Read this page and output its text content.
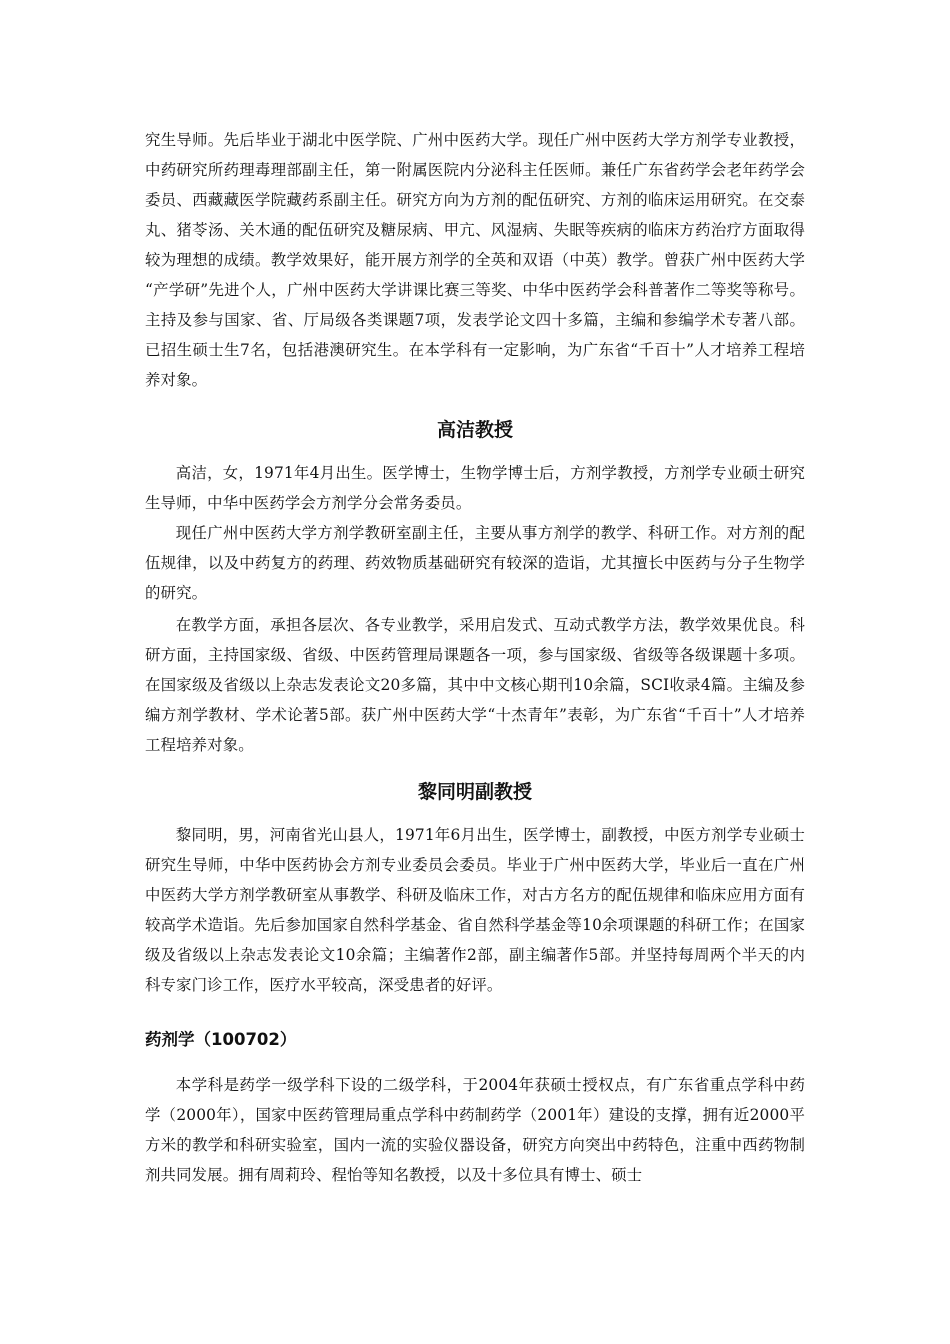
究生导师。先后毕业于湖北中医学院、广州中医药大学。现任广州中医药大学方剂学专业教授，中药研究所药理毒理部副主任，第一附属医院内分泌科主任医师。兼任广东省药学会老年药学会委员、西藏藏医学院藏药系副主任。研究方向为方剂的配伍研究、方剂的临床运用研究。在交泰丸、猪苓汤、关木通的配伍研究及糖尿病、甲亢、风湿病、失眠等疾病的临床方药治疗方面取得较为理想的成绩。教学效果好，能开展方剂学的全英和双语（中英）教学。曾获广州中医药大学“产学研”先进个人，广州中医药大学讲课比赛三等奖、中华中医药学会科普著作二等奖等称号。主持及参与国家、省、厅局级各类课题7项，发表学论文四十多篇，主编和参编学术专著八部。已招生硕士生7名，包括港澳研究生。在本学科有一定影响，为广东省“千百十”人才培养工程培养对象。

高洁教授

高洁，女，1971年4月出生。医学博士，生物学博士后，方剂学教授，方剂学专业硕士研究生导师，中华中医药学会方剂学分会常务委员。

现任广州中医药大学方剂学教研室副主任，主要从事方剂学的教学、科研工作。对方剂的配伍规律，以及中药复方的药理、药效物质基础研究有较深的造诣，尤其擅长中医药与分子生物学的研究。

在教学方面，承担各层次、各专业教学，采用启发式、互动式教学方法，教学效果优良。科研方面，主持国家级、省级、中医药管理局课题各一项，参与国家级、省级等各级课题十多项。在国家级及省级以上杂志发表论文20多篇，其中中文核心期刊10余篇，SCI收录4篇。主编及参编方剂学教材、学术论著5部。获广州中医药大学“十杰青年”表彰，为广东省“千百十”人才培养工程培养对象。

黎同明副教授

黎同明，男，河南省光山县人，1971年6月出生，医学博士，副教授，中医方剂学专业硕士研究生导师，中华中医药协会方剂专业委员会委员。毕业于广州中医药大学，毕业后一直在广州中医药大学方剂学教研室从事教学、科研及临床工作，对古方名方的配伍规律和临床应用方面有较高学术造诣。先后参加国家自然科学基金、省自然科学基金等10余项课题的科研工作；在国家级及省级以上杂志发表论文10余篇；主编著作2部，副主编著作5部。并坚持每周两个半天的内科专家门诊工作，医疗水平较高，深受患者的好评。

药剂学（100702）

本学科是药学一级学科下设的二级学科，于2004年获硕士授权点，有广东省重点学科中药学（2000年），国家中医药管理局重点学科中药制药学（2001年）建设的支撑，拥有近2000平方米的教学和科研实验室，国内一流的实验仪器设备，研究方向突出中药特色，注重中西药物制剂共同发展。拥有周莉玲、程怡等知名教授，以及十多位具有博士、硕士
